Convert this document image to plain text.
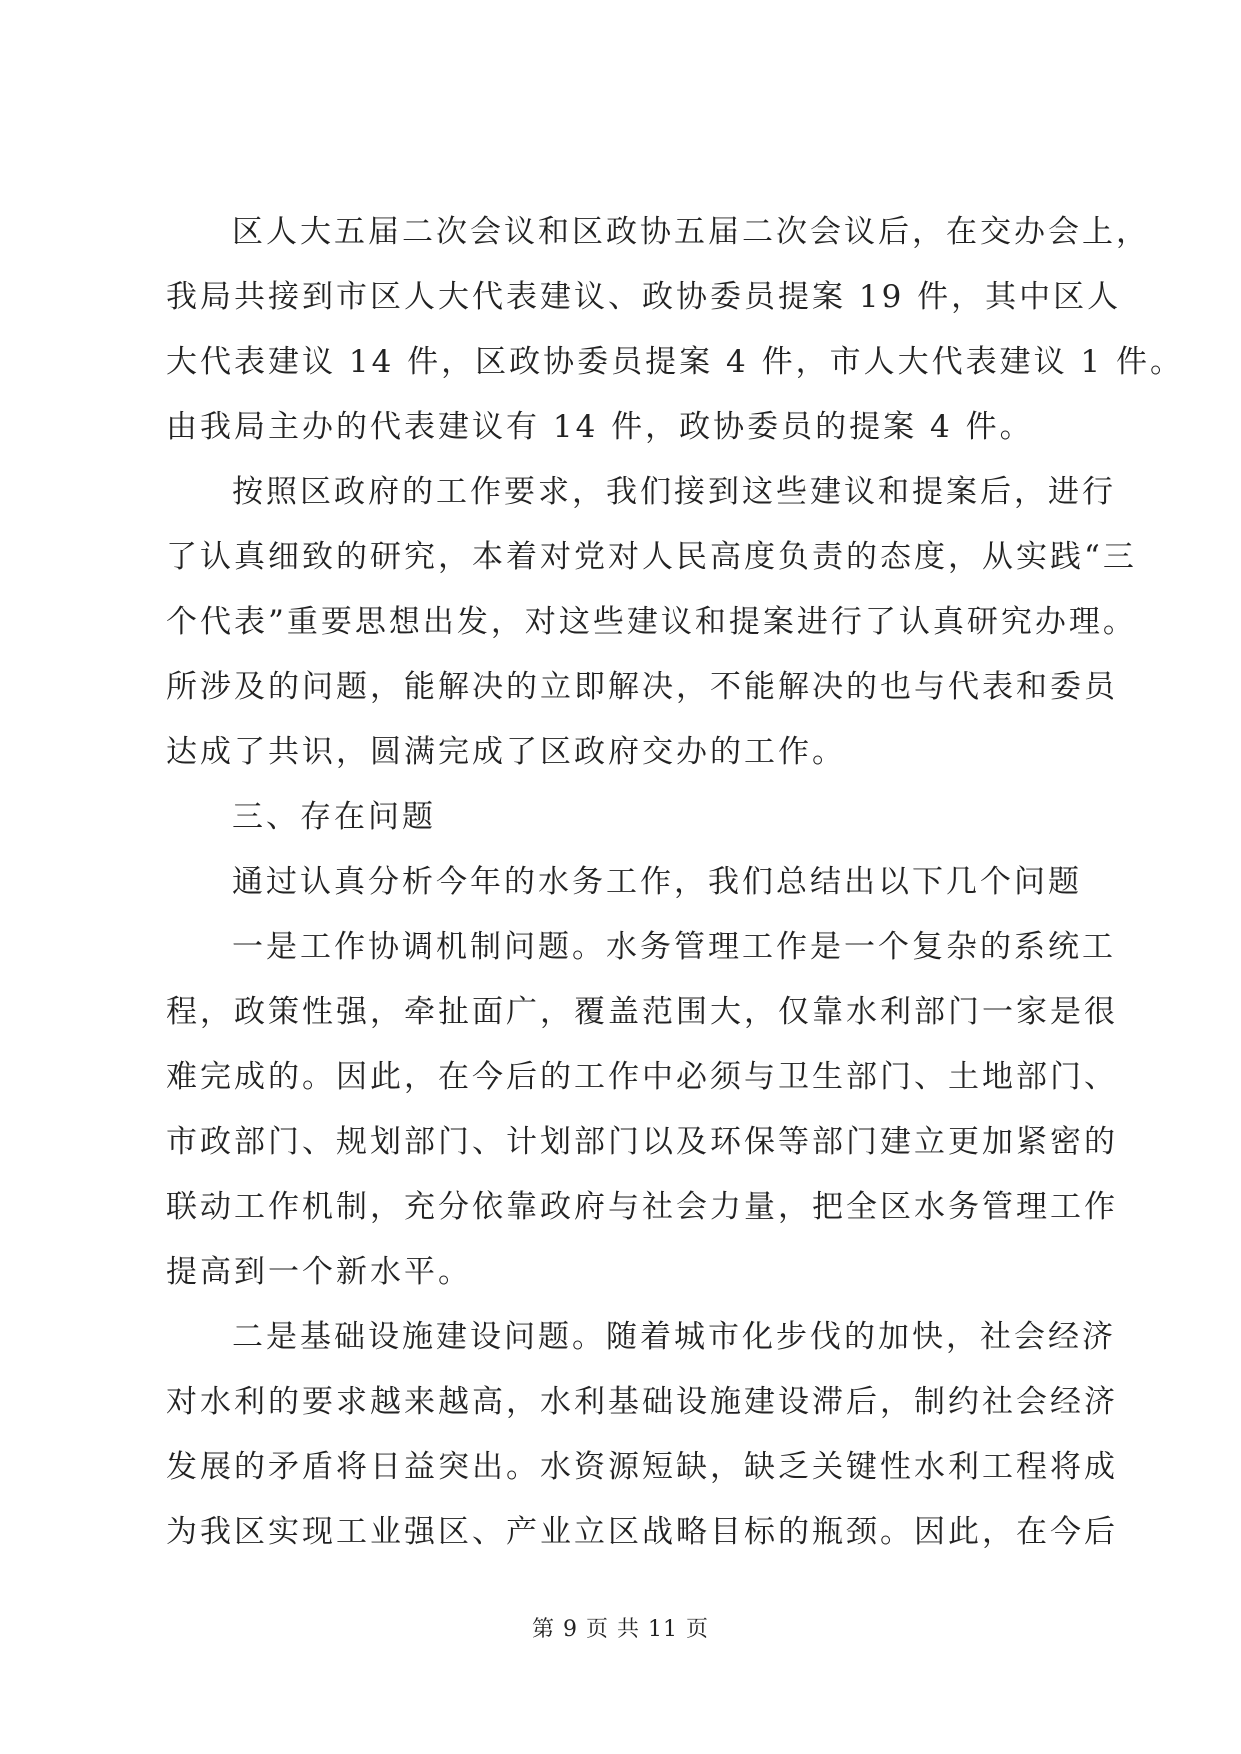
区人大五届二次会议和区政协五届二次会议后，在交办会上，
我局共接到市区人大代表建议、政协委员提案 19 件，其中区人
大代表建议 14 件，区政协委员提案 4 件，市人大代表建议 1 件。
由我局主办的代表建议有 14 件，政协委员的提案 4 件。
按照区政府的工作要求，我们接到这些建议和提案后，进行
了认真细致的研究，本着对党对人民高度负责的态度，从实践“三
个代表”重要思想出发，对这些建议和提案进行了认真研究办理。
所涉及的问题，能解决的立即解决，不能解决的也与代表和委员
达成了共识，圆满完成了区政府交办的工作。
三、存在问题
通过认真分析今年的水务工作，我们总结出以下几个问题
一是工作协调机制问题。水务管理工作是一个复杂的系统工
程，政策性强，牵扯面广，覆盖范围大，仅靠水利部门一家是很
难完成的。因此，在今后的工作中必须与卫生部门、土地部门、
市政部门、规划部门、计划部门以及环保等部门建立更加紧密的
联动工作机制，充分依靠政府与社会力量，把全区水务管理工作
提高到一个新水平。
二是基础设施建设问题。随着城市化步伐的加快，社会经济
对水利的要求越来越高，水利基础设施建设滞后，制约社会经济
发展的矛盾将日益突出。水资源短缺，缺乏关键性水利工程将成
为我区实现工业强区、产业立区战略目标的瓶颈。因此，在今后
第 9 页 共 11 页
